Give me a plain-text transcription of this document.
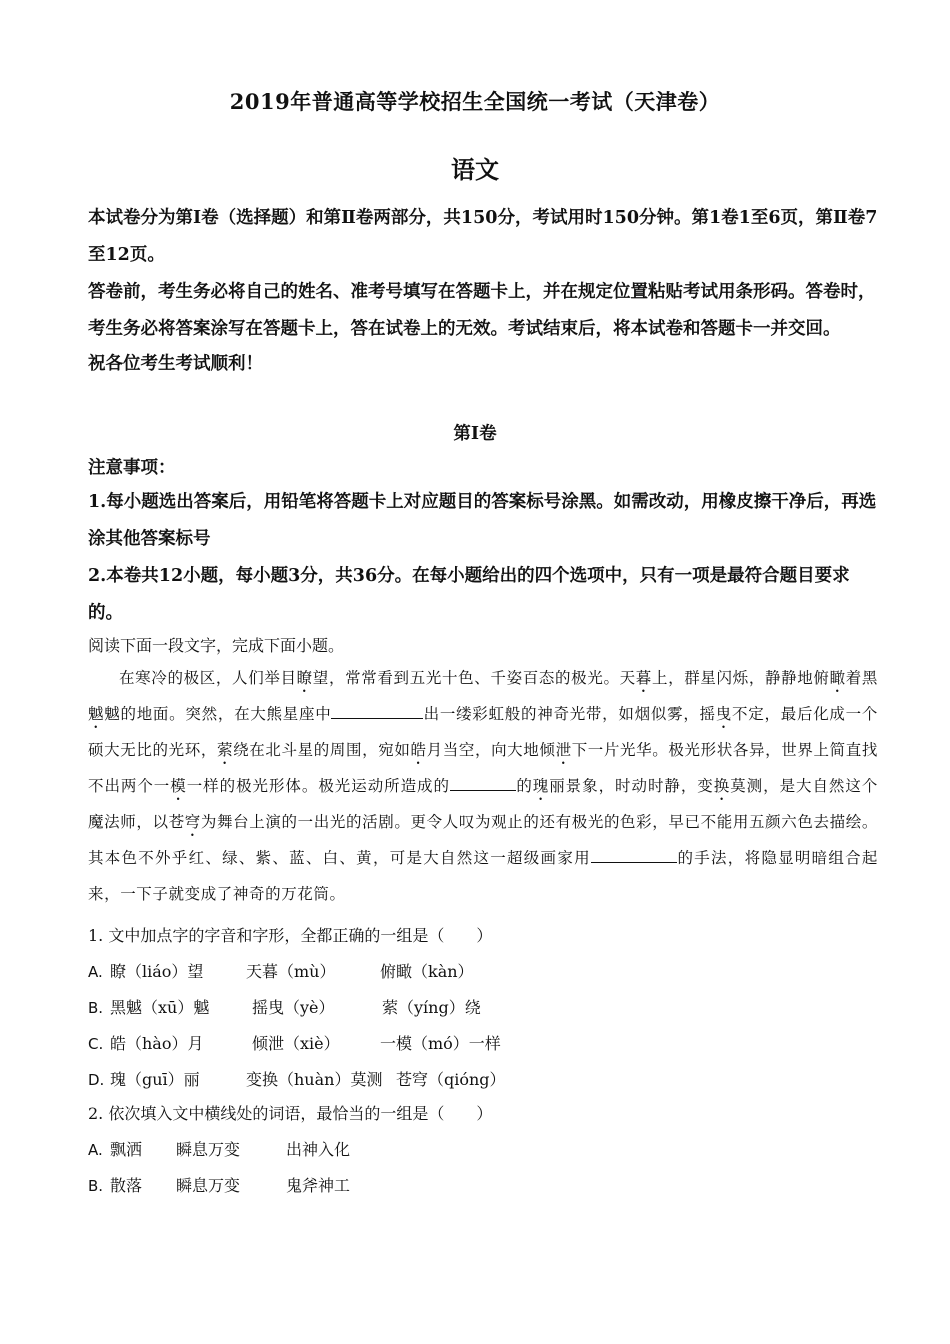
2019年普通高等学校招生全国统一考试（天津卷）
语文

本试卷分为第Ⅰ卷（选择题）和第Ⅱ卷两部分，共150分，考试用时150分钟。第1卷1至6页，第Ⅱ卷7至12页。

答卷前，考生务必将自己的姓名、准考号填写在答题卡上，并在规定位置粘贴考试用条形码。答卷时，考生务必将答案涂写在答题卡上，答在试卷上的无效。考试结束后，将本试卷和答题卡一并交回。

祝各位考生考试顺利！

第Ⅰ卷

注意事项：

1.每小题选出答案后，用铅笔将答题卡上对应题目的答案标号涂黑。如需改动，用橡皮擦干净后，再选涂其他答案标号

2.本卷共12小题，每小题3分，共36分。在每小题给出的四个选项中，只有一项是最符合题目要求的。

阅读下面一段文字，完成下面小题。

在寒冷的极区，人们举目瞭望，常常看到五光十色、千姿百态的极光。天暮上，群星闪烁，静静地俯瞰着黑魆魆的地面。突然，在大熊星座中	出一缕彩虹般的神奇光带，如烟似雾，摇曳不定，最后化成一个硕大无比的光环，萦绕在北斗星的周围，宛如皓月当空，向大地倾泄下一片光华。极光形状各异，世界上简直找不出两个一模一样的极光形体。极光运动所造成的	的瑰丽景象，时动时静，变换莫测，是大自然这个魔法师，以苍穹为舞台上演的一出光的活剧。更令人叹为观止的还有极光的色彩，早已不能用五颜六色去描绘。其本色不外乎红、绿、紫、蓝、白、黄，可是大自然这一超级画家用	的手法，将隐显明暗组合起来，一下子就变成了神奇的万花筒。

1. 文中加点字的字音和字形，全都正确的一组是（　　）

A. 瞭（liáo）望	天暮（mù）	俯瞰（kàn）
B. 黑魆（xū）魆	摇曳（yè）	萦（yíng）绕
C. 皓（hào）月	倾泄（xiè）	一模（mó）一样
D. 瑰（guī）丽	变换（huàn）莫测 苍穹（qióng）

2. 依次填入文中横线处的词语，最恰当的一组是（　　）

A. 飘洒	瞬息万变	出神入化
B. 散落	瞬息万变	鬼斧神工
